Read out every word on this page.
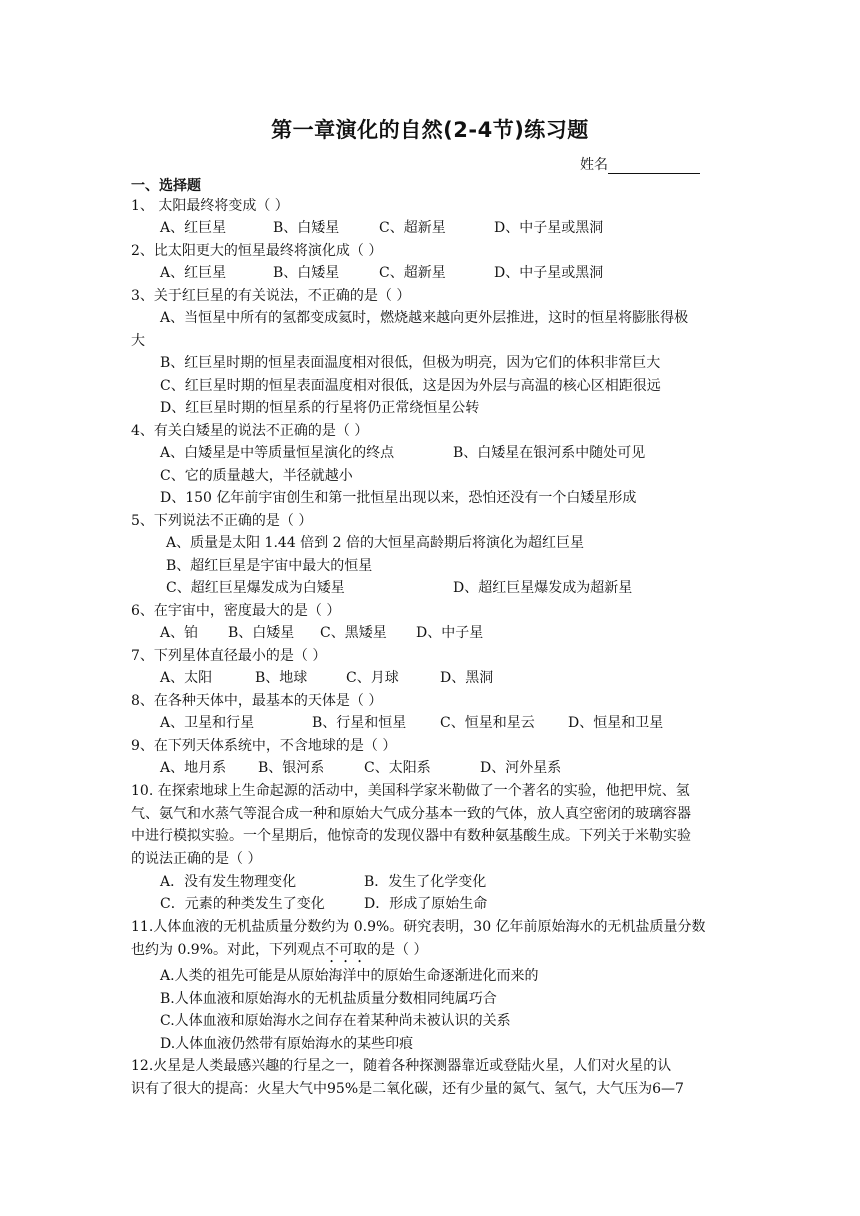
第一章演化的自然(2-4节)练习题
姓名
一、选择题
1、 太阳最终将变成（ ）
A、红巨星	B、白矮星	C、超新星	D、中子星或黑洞
2、比太阳更大的恒星最终将演化成（ ）
A、红巨星	B、白矮星	C、超新星	D、中子星或黑洞
3、关于红巨星的有关说法，不正确的是（ ）
A、当恒星中所有的氢都变成氦时，燃烧越来越向更外层推进，这时的恒星将膨胀得极
大
B、红巨星时期的恒星表面温度相对很低，但极为明亮，因为它们的体积非常巨大
C、红巨星时期的恒星表面温度相对很低，这是因为外层与高温的核心区相距很远
D、红巨星时期的恒星系的行星将仍正常绕恒星公转
4、有关白矮星的说法不正确的是（ ）
A、白矮星是中等质量恒星演化的终点	B、白矮星在银河系中随处可见
C、它的质量越大，半径就越小
D、150 亿年前宇宙创生和第一批恒星出现以来，恐怕还没有一个白矮星形成
5、下列说法不正确的是（ ）
A、质量是太阳 1.44 倍到 2 倍的大恒星高龄期后将演化为超红巨星
B、超红巨星是宇宙中最大的恒星
C、超红巨星爆发成为白矮星	D、超红巨星爆发成为超新星
6、在宇宙中，密度最大的是（ ）
A、铂 B、白矮星 C、黑矮星 D、中子星
7、下列星体直径最小的是（ ）
A、太阳	B、地球	C、月球	D、黑洞
8、在各种天体中，最基本的天体是（ ）
A、卫星和行星	B、行星和恒星 C、恒星和星云 D、恒星和卫星
9、在下列天体系统中，不含地球的是（ ）
A、地月系 B、银河系	C、太阳系	D、河外星系
10. 在探索地球上生命起源的活动中，美国科学家米勒做了一个著名的实验，他把甲烷、氢
气、氨气和水蒸气等混合成一种和原始大气成分基本一致的气体，放人真空密闭的玻璃容器
中进行模拟实验。一个星期后，他惊奇的发现仪器中有数种氨基酸生成。下列关于米勒实验
的说法正确的是（ ）
A．没有发生物理变化	B．发生了化学变化
C．元素的种类发生了变化	D．形成了原始生命
11.人体血液的无机盐质量分数约为 0.9%。研究表明，30 亿年前原始海水的无机盐质量分数
也约为 0.9%。对此，下列观点不可取的是（ ）
A.人类的祖先可能是从原始海洋中的原始生命逐渐进化而来的
B.人体血液和原始海水的无机盐质量分数相同纯属巧合
C.人体血液和原始海水之间存在着某种尚未被认识的关系
D.人体血液仍然带有原始海水的某些印痕
12.火星是人类最感兴趣的行星之一，随着各种探测器靠近或登陆火星，人们对火星的认
识有了很大的提高：火星大气中95%是二氧化碳，还有少量的氮气、氢气，大气压为6—7
